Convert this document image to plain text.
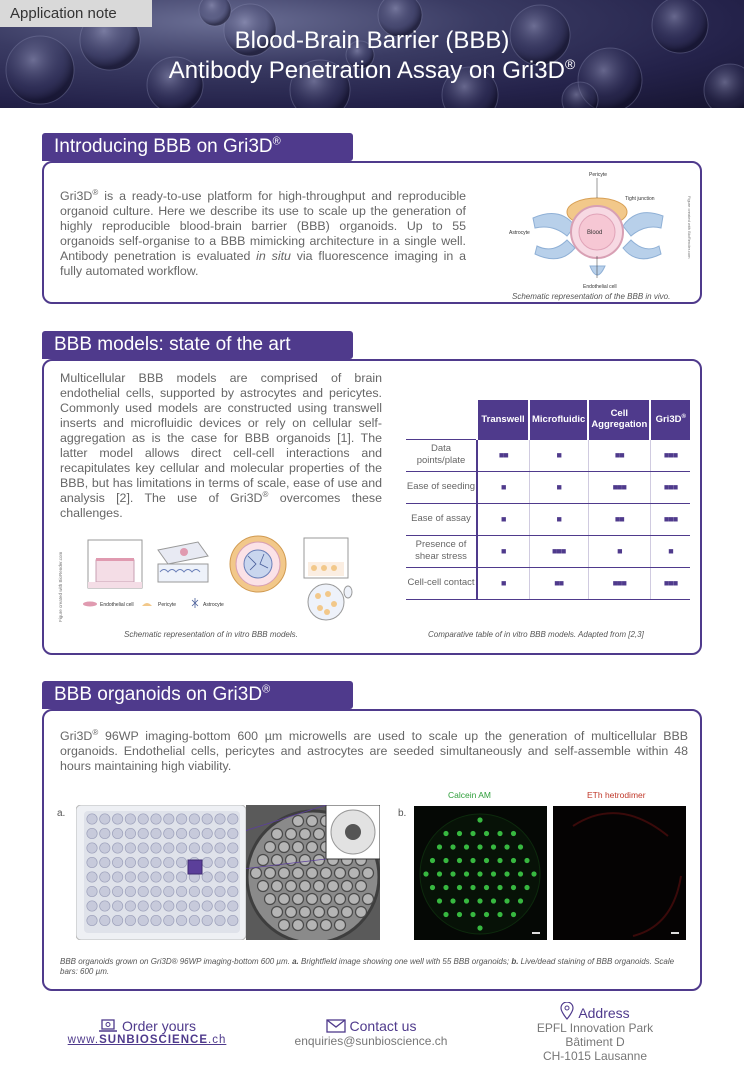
Application note
Blood-Brain Barrier (BBB)
Antibody Penetration Assay on Gri3D®
Introducing BBB on Gri3D®
Gri3D® is a ready-to-use platform for high-throughput and reproducible organoid culture. Here we describe its use to scale up the generation of highly reproducible blood-brain barrier (BBB) organoids. Up to 55 organoids self-organise to a BBB mimicking architecture in a single well. Antibody penetration is evaluated in situ via fluorescence imaging in a fully automated workflow.
Blood
Pericyte
Tight junction
Astrocyte
Endothelial cell
Figure created with BioRender.com
Schematic representation of the BBB in vivo.
BBB models: state of the art
Multicellular BBB models are comprised of brain endothelial cells, supported by astrocytes and pericytes. Commonly used models are constructed using transwell inserts and microfluidic devices or rely on cellular self-aggregation as is the case for BBB organoids [1]. The latter model allows direct cell-cell interactions and recapitulates key cellular and molecular properties of the BBB, but has limitations in terms of scale, ease of use and analysis [2]. The use of Gri3D® overcomes these challenges.
Figure created with BioRender.com	Endothelial cell	Pericyte	Astrocyte
	Transwell	Microfluidic	Cell Aggregation	Gri3D®
Data points/plate	■■	■	■■	■■■
Ease of seeding	■	■	■■■	■■■
Ease of assay	■	■	■■	■■■
Presence of shear stress	■	■■■	■	■
Cell-cell contact	■	■■	■■■	■■■
Schematic representation of in vitro BBB models.	Comparative table of in vitro BBB models. Adapted from [2,3]
BBB organoids on Gri3D®
Gri3D® 96WP imaging-bottom 600 µm microwells are used to scale up the generation of multicellular BBB organoids. Endothelial cells, pericytes and astrocytes are seeded simultaneously and self-assemble within 48 hours maintaining high viability.
a.	b.
Calcein AM	ETh hetrodimer
BBB organoids grown on Gri3D® 96WP imaging-bottom 600 µm. a. Brightfield image showing one well with 55 BBB organoids; b. Live/dead staining of BBB organoids. Scale bars: 600 µm.
Order yours
www.SUNBIOSCIENCE.ch
Contact us
enquiries@sunbioscience.ch
Address
EPFL Innovation Park
Bâtiment D
CH-1015 Lausanne
